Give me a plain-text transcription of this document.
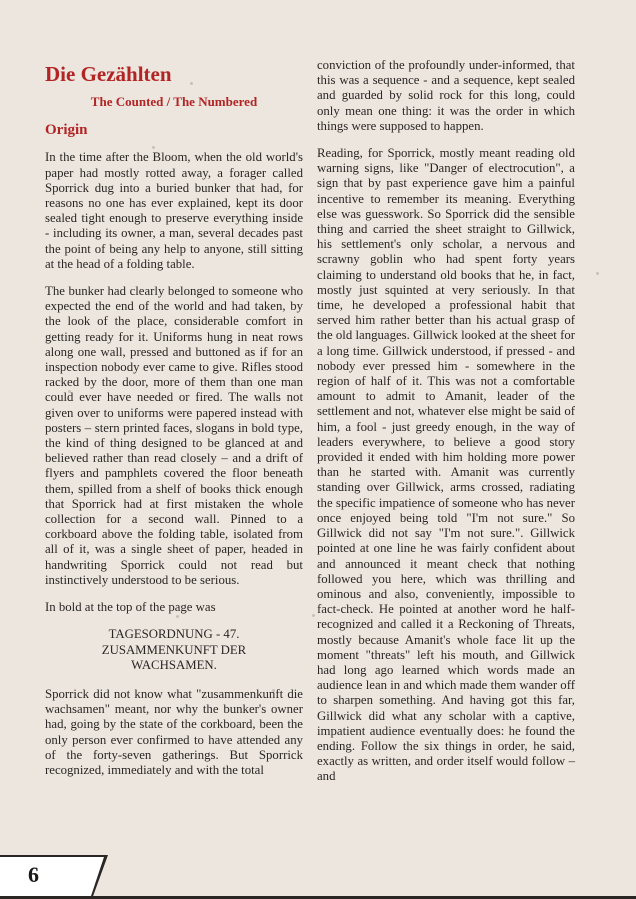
Die Gezählten
The Counted / The Numbered
Origin

In the time after the Bloom, when the old world's paper had mostly rotted away, a forager called Sporrick dug into a buried bunker that had, for reasons no one has ever explained, kept its door sealed tight enough to preserve everything inside - including its owner, a man, several decades past the point of being any help to anyone, still sitting at the head of a folding table.

The bunker had clearly belonged to someone who expected the end of the world and had taken, by the look of the place, considerable comfort in getting ready for it. Uniforms hung in neat rows along one wall, pressed and buttoned as if for an inspection nobody ever came to give. Rifles stood racked by the door, more of them than one man could ever have needed or fired. The walls not given over to uniforms were papered instead with posters – stern printed faces, slogans in bold type, the kind of thing designed to be glanced at and believed rather than read closely – and a drift of flyers and pamphlets covered the floor beneath them, spilled from a shelf of books thick enough that Sporrick had at first mistaken the whole collection for a second wall. Pinned to a corkboard above the folding table, isolated from all of it, was a single sheet of paper, headed in handwriting Sporrick could not read but instinctively understood to be serious.

In bold at the top of the page was

TAGESORDNUNG - 47.
ZUSAMMENKUNFT DER
WACHSAMEN.

Sporrick did not know what "zusammenkunft die wachsamen" meant, nor why the bunker's owner had, going by the state of the corkboard, been the only person ever confirmed to have attended any of the forty-seven gatherings. But Sporrick recognized, immediately and with the total

conviction of the profoundly under-informed, that this was a sequence - and a sequence, kept sealed and guarded by solid rock for this long, could only mean one thing: it was the order in which things were supposed to happen.

Reading, for Sporrick, mostly meant reading old warning signs, like "Danger of electrocution", a sign that by past experience gave him a painful incentive to remember its meaning. Everything else was guesswork. So Sporrick did the sensible thing and carried the sheet straight to Gillwick, his settlement's only scholar, a nervous and scrawny goblin who had spent forty years claiming to understand old books that he, in fact, mostly just squinted at very seriously. In that time, he developed a professional habit that served him rather better than his actual grasp of the old languages. Gillwick looked at the sheet for a long time. Gillwick understood, if pressed - and nobody ever pressed him - somewhere in the region of half of it. This was not a comfortable amount to admit to Amanit, leader of the settlement and not, whatever else might be said of him, a fool - just greedy enough, in the way of leaders everywhere, to believe a good story provided it ended with him holding more power than he started with. Amanit was currently standing over Gillwick, arms crossed, radiating the specific impatience of someone who has never once enjoyed being told "I'm not sure." So Gillwick did not say "I'm not sure.". Gillwick pointed at one line he was fairly confident about and announced it meant check that nothing followed you here, which was thrilling and ominous and also, conveniently, impossible to fact-check. He pointed at another word he half-recognized and called it a Reckoning of Threats, mostly because Amanit's whole face lit up the moment "threats" left his mouth, and Gillwick had long ago learned which words made an audience lean in and which made them wander off to sharpen something. And having got this far, Gillwick did what any scholar with a captive, impatient audience eventually does: he found the ending. Follow the six things in order, he said, exactly as written, and order itself would follow – and

6
